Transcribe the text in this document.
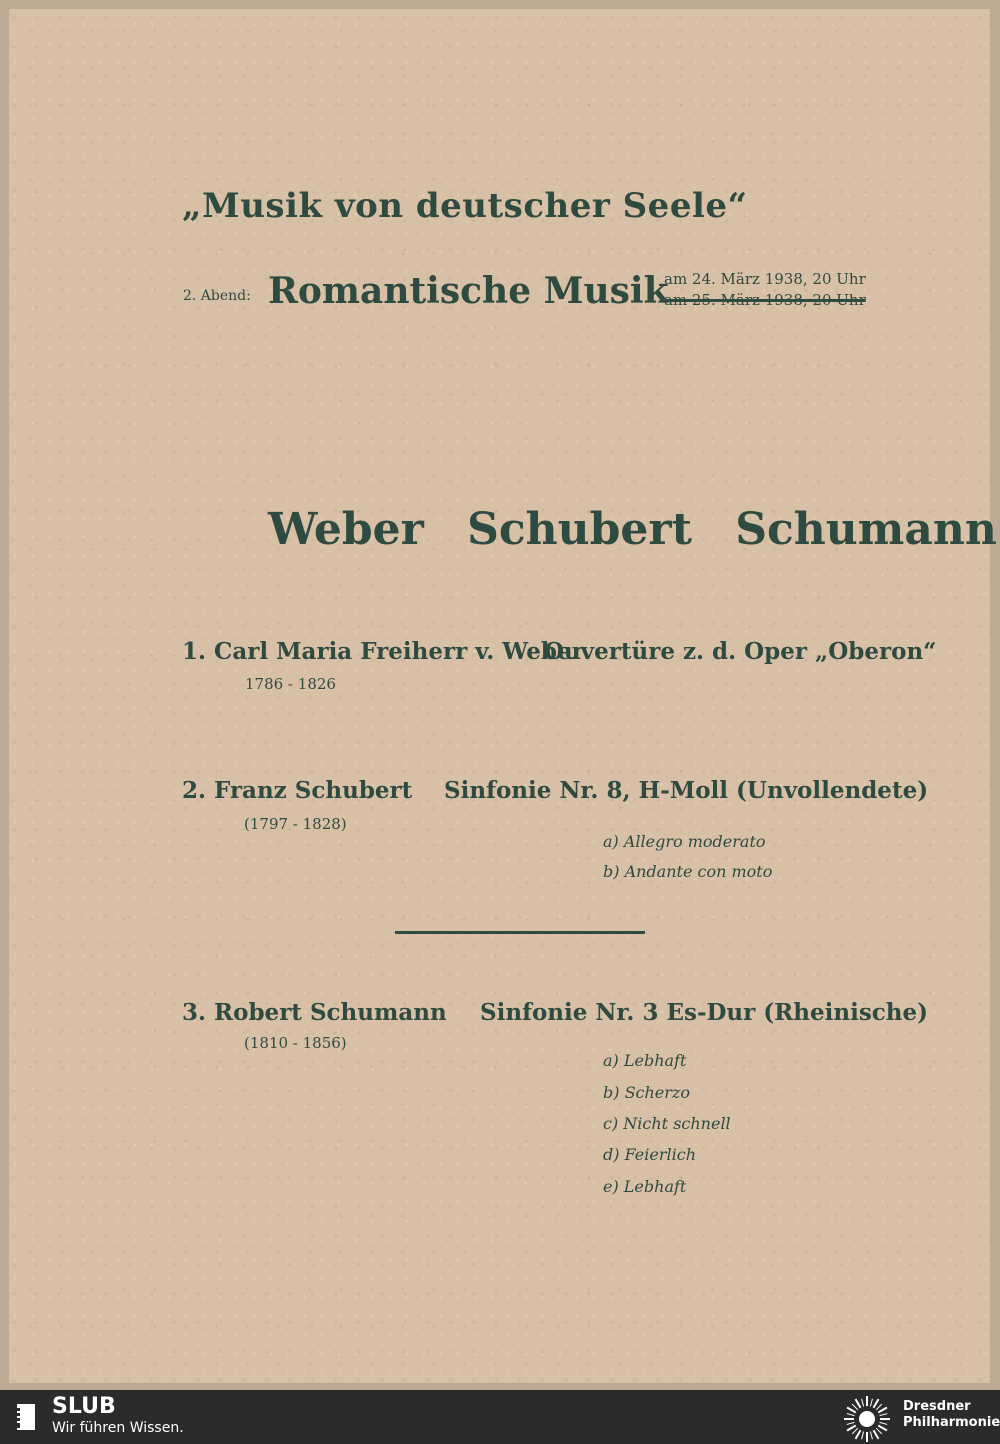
„Musik von deutscher Seele“
2. Abend: Romantische Musik
am 24. März 1938, 20 Uhr
am 25. März 1938, 20 Uhr
Weber Schubert Schumann
1. Carl Maria Freiherr v. Weber
1786 - 1826
Ouvertüre z. d. Oper „Oberon“
2. Franz Schubert
(1797 - 1828)
Sinfonie Nr. 8, H-Moll (Unvollendete)
a) Allegro moderato
b) Andante con moto
3. Robert Schumann
(1810 - 1856)
Sinfonie Nr. 3 Es-Dur (Rheinische)
a) Lebhaft
b) Scherzo
c) Nicht schnell
d) Feierlich
e) Lebhaft
SLUB
Wir führen Wissen.
Dresdner Philharmonie
